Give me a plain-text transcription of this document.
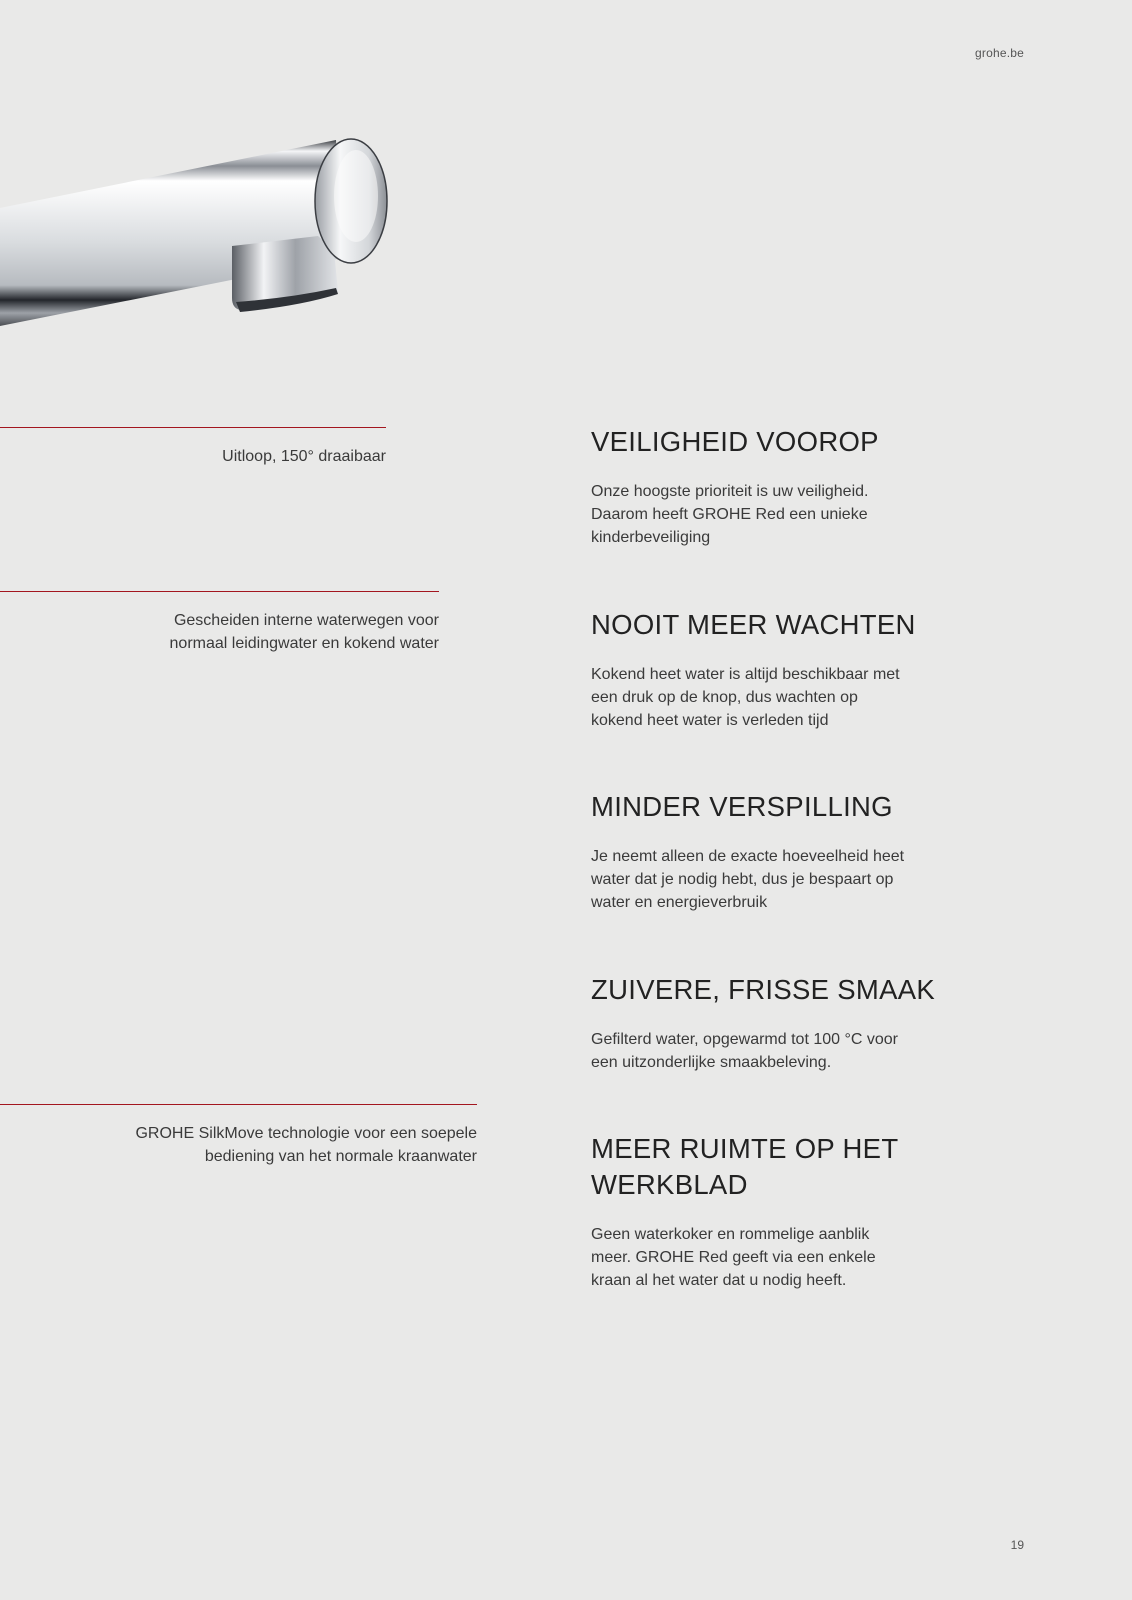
grohe.be
Uitloop, 150° draaibaar
Gescheiden interne waterwegen voor
normaal leidingwater en kokend water
GROHE SilkMove technologie voor een soepele
bediening van het normale kraanwater
VEILIGHEID VOOROP

Onze hoogste prioriteit is uw veiligheid. Daarom heeft GROHE Red een unieke kinderbeveiliging

NOOIT MEER WACHTEN

Kokend heet water is altijd beschikbaar met een druk op de knop, dus wachten op kokend heet water is verleden tijd

MINDER VERSPILLING

Je neemt alleen de exacte hoeveelheid heet water dat je nodig hebt, dus je bespaart op water en energieverbruik

ZUIVERE, FRISSE SMAAK

Gefilterd water, opgewarmd tot 100 °C voor een uitzonderlijke smaakbeleving.

MEER RUIMTE OP HET
WERKBLAD

Geen waterkoker en rommelige aanblik meer. GROHE Red geeft via een enkele kraan al het water dat u nodig heeft.

19
